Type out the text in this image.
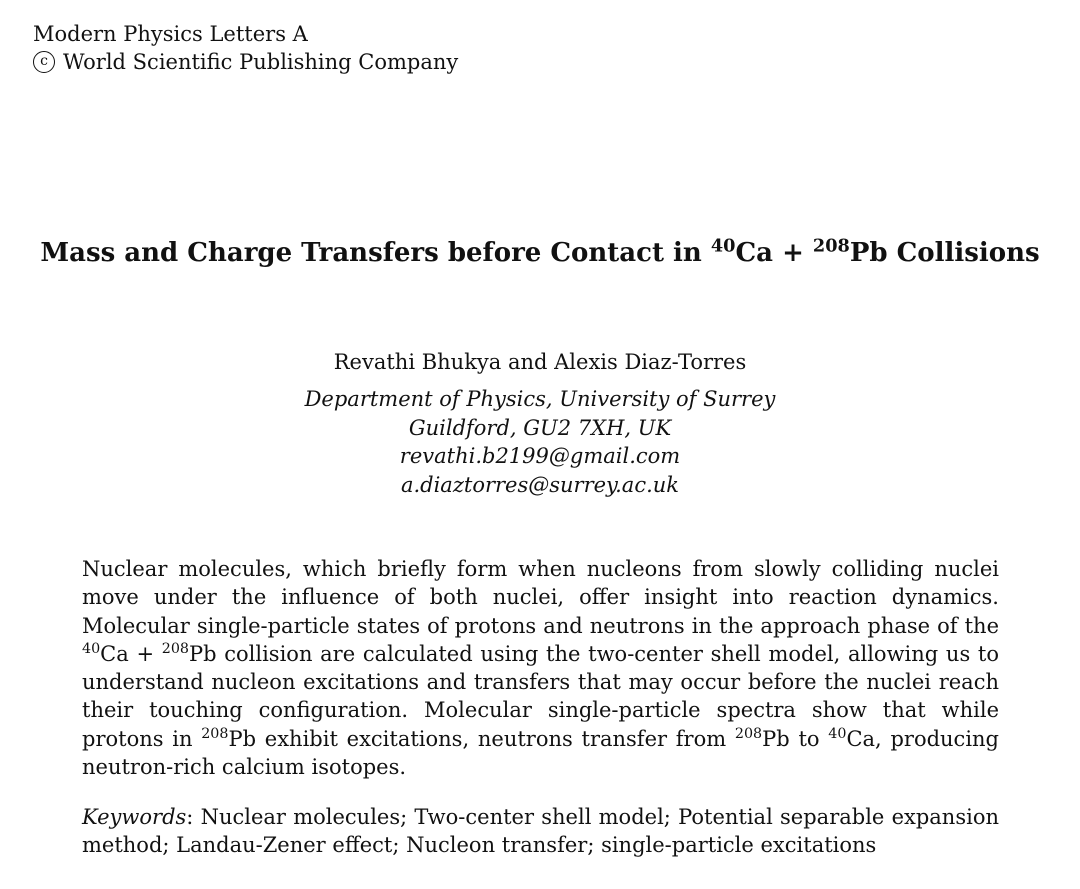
Modern Physics Letters A
c World Scientific Publishing Company
Mass and Charge Transfers before Contact in $^{40}$Ca + $^{208}$Pb Collisions
Revathi Bhukya and Alexis Diaz-Torres
Department of Physics, University of Surrey
Guildford, GU2 7XH, UK
revathi.b2199@gmail.com
a.diaztorres@surrey.ac.uk
Nuclear molecules, which briefly form when nucleons from slowly colliding nuclei move under the influence of both nuclei, offer insight into reaction dynamics. Molecular single-particle states of protons and neutrons in the approach phase of the $^{40}$Ca + $^{208}$Pb collision are calculated using the two-center shell model, allowing us to understand nucleon excitations and transfers that may occur before the nuclei reach their touching configuration. Molecular single-particle spectra show that while protons in $^{208}$Pb exhibit excitations, neutrons transfer from $^{208}$Pb to $^{40}$Ca, producing neutron-rich calcium isotopes.
Keywords: Nuclear molecules; Two-center shell model; Potential separable expansion method; Landau-Zener effect; Nucleon transfer; single-particle excitations
